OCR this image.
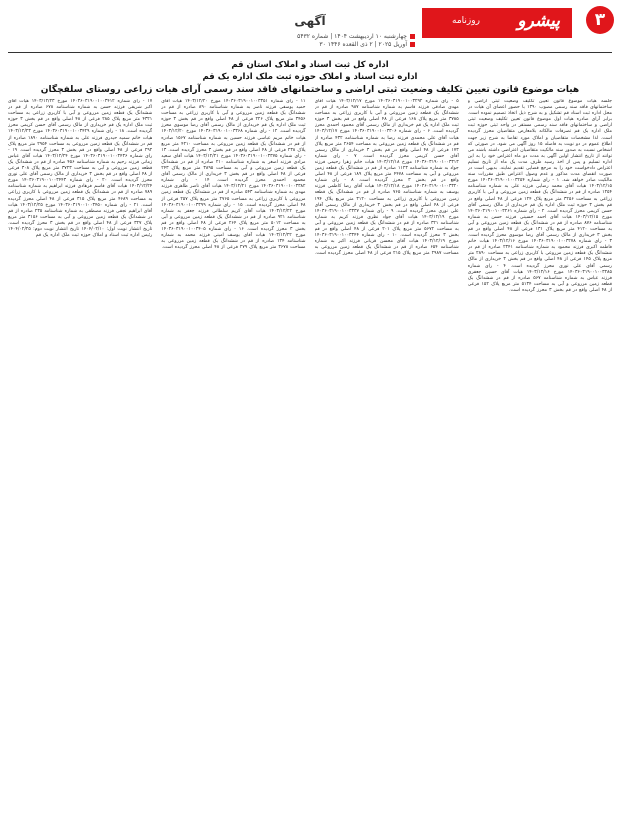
۳
روزنامه پیشرو
آگهی
چهارشنبه ۱۰ اردیبهشت ۱۴۰۴ | شماره ۵۴۳۲
۳۰ آوریل ۲۰۲۵ | ۲ ذی القعده ۱۴۴۶
اداره کل ثبت اسناد و املاک استان قم
اداره ثبت اسناد و املاک حوزه ثبت ملک اداره یک قم
هیات موضوع قانون تعیین تکلیف وضعیت ثبتی اراضی و ساختمانهای فاقد سند رسمی آرای هیات زراعی روستای سلفچگان
جلسه هیات موضوع قانون تعیین تکلیف وضعیت ثبتی اراضی و ساختمانهای فاقد سند رسمی مصوب ۱۳۹۰ با حضور اعضای آن هیات در محل اداره ثبت اسناد قم تشکیل و به شرح ذیل اتخاذ تصمیم نموده است. برابر آرای صادره هیات اول موضوع قانون تعیین تکلیف وضعیت ثبتی اراضی و ساختمانهای فاقد سند رسمی مستقر در واحد ثبتی حوزه ثبت ملک اداره یک قم تصرفات مالکانه بلامعارض متقاضیان محرز گردیده است. لذا مشخصات متقاضیان و املاک مورد تقاضا به شرح زیر جهت اطلاع عموم در دو نوبت به فاصله ۱۵ روز آگهی می شود. در صورتی که اشخاص نسبت به صدور سند مالکیت متقاضیان اعتراضی داشته باشند می توانند از تاریخ انتشار اولین آگهی به مدت دو ماه اعتراض خود را به این اداره تسلیم و پس از اخذ رسید ظرف مدت یک ماه از تاریخ تسلیم اعتراض دادخواست خود را به مرجع قضایی تقدیم نمایند. بدیهی است در صورت انقضای مدت مذکور و عدم وصول اعتراض طبق مقررات سند مالکیت صادر خواهد شد. ۱ - رای شماره ۱۴۰۳۶۰۳۱۹۰۰۱۰۰۳۲۵۴ مورخ ۱۴۰۳/۱۲/۱۵ هیات آقای محمد رضایی فرزند علی به شماره شناسنامه ۱۲۵۴ صادره از قم در ششدانگ یک قطعه زمین مزروعی و آبی با کاربری زراعی به مساحت ۳۲۵۶ متر مربع پلاک ۱۲۴ فرعی از ۴۸ اصلی واقع در قم بخش ۳ حوزه ثبت ملک اداره یک قم خریداری از مالک رسمی آقای حسن کریمی محرز گردیده است. ۲ - رای شماره ۱۴۰۳۶۰۳۱۹۰۰۱۰۰۳۲۶۱ مورخ ۱۴۰۳/۱۲/۱۵ هیات آقای احمد حسینی فرزند حسن به شماره شناسنامه ۸۷۶ صادره از قم در ششدانگ یک قطعه زمین مزروعی و آبی به مساحت ۴۱۲۰ متر مربع پلاک ۱۳۱ فرعی از ۴۸ اصلی واقع در قم بخش ۳ خریداری از مالک رسمی آقای رضا موسوی محرز گردیده است. ۳ - رای شماره ۱۴۰۳۶۰۳۱۹۰۰۱۰۰۳۲۷۸ مورخ ۱۴۰۳/۱۲/۱۶ هیات خانم فاطمه اکبری فرزند محمود به شماره شناسنامه ۲۳۴۱ صادره از قم در ششدانگ یک قطعه زمین مزروعی با کاربری زراعی به مساحت ۲۸۹۰ متر مربع پلاک ۱۴۵ فرعی از ۴۸ اصلی واقع در قم بخش ۳ خریداری از مالک رسمی آقای علی نوری محرز گردیده است. ۴ - رای شماره ۱۴۰۳۶۰۳۱۹۰۰۱۰۰۳۲۸۵ مورخ ۱۴۰۳/۱۲/۱۶ هیات آقای حسین جعفری فرزند عباس به شماره شناسنامه ۵۶۷ صادره از قم در ششدانگ یک قطعه زمین مزروعی و آبی به مساحت ۵۱۳۴ متر مربع پلاک ۱۵۲ فرعی از ۴۸ اصلی واقع در قم بخش ۳ محرز گردیده است.
۵ - رای شماره ۱۴۰۳۶۰۳۱۹۰۰۱۰۰۳۲۹۲ مورخ ۱۴۰۳/۱۲/۱۷ هیات آقای مهدی صادقی فرزند قاسم به شماره شناسنامه ۹۸۷ صادره از قم در ششدانگ یک قطعه زمین مزروعی و آبی با کاربری زراعی به مساحت ۳۷۸۵ متر مربع پلاک ۱۶۸ فرعی از ۴۸ اصلی واقع در قم بخش ۳ حوزه ثبت ملک اداره یک قم خریداری از مالک رسمی آقای محمود احمدی محرز گردیده است. ۶ - رای شماره ۱۴۰۳۶۰۳۱۹۰۰۱۰۰۳۳۰۶ مورخ ۱۴۰۳/۱۲/۱۷ هیات آقای علی محمدی فرزند رضا به شماره شناسنامه ۴۳۲ صادره از قم در ششدانگ یک قطعه زمین مزروعی به مساحت ۲۶۵۴ متر مربع پلاک ۱۷۳ فرعی از ۴۸ اصلی واقع در قم بخش ۳ خریداری از مالک رسمی آقای حسن کریمی محرز گردیده است. ۷ - رای شماره ۱۴۰۳۶۰۳۱۹۰۰۱۰۰۳۳۱۳ مورخ ۱۴۰۳/۱۲/۱۸ هیات خانم زهرا رحیمی فرزند جواد به شماره شناسنامه ۱۱۲۳ صادره از قم در ششدانگ یک قطعه زمین مزروعی و آبی به مساحت ۴۴۷۸ متر مربع پلاک ۱۸۹ فرعی از ۴۸ اصلی واقع در قم بخش ۳ محرز گردیده است. ۸ - رای شماره ۱۴۰۳۶۰۳۱۹۰۰۱۰۰۳۳۲۰ مورخ ۱۴۰۳/۱۲/۱۸ هیات آقای رضا کاظمی فرزند یوسف به شماره شناسنامه ۷۶۵ صادره از قم در ششدانگ یک قطعه زمین مزروعی با کاربری زراعی به مساحت ۳۱۲۰ متر مربع پلاک ۱۹۴ فرعی از ۴۸ اصلی واقع در قم بخش ۳ خریداری از مالک رسمی آقای علی نوری محرز گردیده است. ۹ - رای شماره ۱۴۰۳۶۰۳۱۹۰۰۱۰۰۳۳۳۷ مورخ ۱۴۰۳/۱۲/۱۹ هیات آقای جواد نظری فرزند کریم به شماره شناسنامه ۳۲۱ صادره از قم در ششدانگ یک قطعه زمین مزروعی و آبی به مساحت ۵۶۷۲ متر مربع پلاک ۲۰۱ فرعی از ۴۸ اصلی واقع در قم بخش ۳ محرز گردیده است. ۱۰ - رای شماره ۱۴۰۳۶۰۳۱۹۰۰۱۰۰۳۳۴۴ مورخ ۱۴۰۳/۱۲/۱۹ هیات آقای محسن قربانی فرزند اکبر به شماره شناسنامه ۶۵۴ صادره از قم در ششدانگ یک قطعه زمین مزروعی به مساحت ۲۹۸۷ متر مربع پلاک ۲۱۵ فرعی از ۴۸ اصلی محرز گردیده است.
۱۱ - رای شماره ۱۴۰۳۶۰۳۱۹۰۰۱۰۰۳۳۵۱ مورخ ۱۴۰۳/۱۲/۲۰ هیات آقای حمید یوسفی فرزند ناصر به شماره شناسنامه ۸۹۰ صادره از قم در ششدانگ یک قطعه زمین مزروعی و آبی با کاربری زراعی به مساحت ۳۴۵۶ متر مربع پلاک ۲۲۶ فرعی از ۴۸ اصلی واقع در قم بخش ۳ حوزه ثبت ملک اداره یک قم خریداری از مالک رسمی آقای رضا موسوی محرز گردیده است. ۱۲ - رای شماره ۱۴۰۳۶۰۳۱۹۰۰۱۰۰۳۳۶۸ مورخ ۱۴۰۳/۱۲/۲۰ هیات خانم مریم عباسی فرزند حسین به شماره شناسنامه ۱۵۶۷ صادره از قم در ششدانگ یک قطعه زمین مزروعی به مساحت ۴۲۱۰ متر مربع پلاک ۲۳۸ فرعی از ۴۸ اصلی واقع در قم بخش ۳ محرز گردیده است. ۱۳ - رای شماره ۱۴۰۳۶۰۳۱۹۰۰۱۰۰۳۳۷۵ مورخ ۱۴۰۳/۱۲/۲۱ هیات آقای سعید مرادی فرزند اصغر به شماره شناسنامه ۲۱۰ صادره از قم در ششدانگ یک قطعه زمین مزروعی و آبی به مساحت ۳۸۹۵ متر مربع پلاک ۲۴۳ فرعی از ۴۸ اصلی واقع در قم بخش ۳ خریداری از مالک رسمی آقای محمود احمدی محرز گردیده است. ۱۴ - رای شماره ۱۴۰۳۶۰۳۱۹۰۰۱۰۰۳۳۸۲ مورخ ۱۴۰۳/۱۲/۲۱ هیات آقای ناصر طاهری فرزند مهدی به شماره شناسنامه ۵۴۳ صادره از قم در ششدانگ یک قطعه زمین مزروعی با کاربری زراعی به مساحت ۲۷۶۵ متر مربع پلاک ۲۵۷ فرعی از ۴۸ اصلی محرز گردیده است. ۱۵ - رای شماره ۱۴۰۳۶۰۳۱۹۰۰۱۰۰۳۳۹۹ مورخ ۱۴۰۳/۱۲/۲۲ هیات آقای کریم سلطانی فرزند جعفر به شماره شناسنامه ۹۲۱ صادره از قم در ششدانگ یک قطعه زمین مزروعی و آبی به مساحت ۵۰۱۲ متر مربع پلاک ۲۶۴ فرعی از ۴۸ اصلی واقع در قم بخش ۳ محرز گردیده است. ۱۶ - رای شماره ۱۴۰۳۶۰۳۱۹۰۰۱۰۰۳۴۰۵ مورخ ۱۴۰۳/۱۲/۲۲ هیات آقای یوسف امینی فرزند محمد به شماره شناسنامه ۱۳۴ صادره از قم در ششدانگ یک قطعه زمین مزروعی به مساحت ۳۶۷۸ متر مربع پلاک ۲۷۹ فرعی از ۴۸ اصلی محرز گردیده است.
۱۷ - رای شماره ۱۴۰۳۶۰۳۱۹۰۰۱۰۰۳۴۱۲ مورخ ۱۴۰۳/۱۲/۲۳ هیات آقای اکبر شریفی فرزند حسن به شماره شناسنامه ۶۷۸ صادره از قم در ششدانگ یک قطعه زمین مزروعی و آبی با کاربری زراعی به مساحت ۴۳۲۱ متر مربع پلاک ۲۸۵ فرعی از ۴۸ اصلی واقع در قم بخش ۳ حوزه ثبت ملک اداره یک قم خریداری از مالک رسمی آقای حسن کریمی محرز گردیده است. ۱۸ - رای شماره ۱۴۰۳۶۰۳۱۹۰۰۱۰۰۳۴۲۹ مورخ ۱۴۰۳/۱۲/۲۳ هیات خانم سمیه حیدری فرزند علی به شماره شناسنامه ۱۸۹۰ صادره از قم در ششدانگ یک قطعه زمین مزروعی به مساحت ۲۹۵۴ متر مربع پلاک ۲۹۲ فرعی از ۴۸ اصلی واقع در قم بخش ۳ محرز گردیده است. ۱۹ - رای شماره ۱۴۰۳۶۰۳۱۹۰۰۱۰۰۳۴۳۶ مورخ ۱۴۰۳/۱۲/۲۴ هیات آقای عباس زمانی فرزند رحیم به شماره شناسنامه ۴۵۶ صادره از قم در ششدانگ یک قطعه زمین مزروعی و آبی به مساحت ۳۷۲۳ متر مربع پلاک ۳۰۸ فرعی از ۴۸ اصلی واقع در قم بخش ۳ خریداری از مالک رسمی آقای علی نوری محرز گردیده است. ۲۰ - رای شماره ۱۴۰۳۶۰۳۱۹۰۰۱۰۰۳۴۴۳ مورخ ۱۴۰۳/۱۲/۲۴ هیات آقای قاسم فرهادی فرزند ابراهیم به شماره شناسنامه ۷۸۹ صادره از قم در ششدانگ یک قطعه زمین مزروعی با کاربری زراعی به مساحت ۴۶۸۹ متر مربع پلاک ۳۱۵ فرعی از ۴۸ اصلی محرز گردیده است. ۲۱ - رای شماره ۱۴۰۳۶۰۳۱۹۰۰۱۰۰۳۴۵۰ مورخ ۱۴۰۳/۱۲/۲۵ هیات آقای ابراهیم نجفی فرزند مصطفی به شماره شناسنامه ۲۳۵ صادره از قم در ششدانگ یک قطعه زمین مزروعی و آبی به مساحت ۳۱۵۶ متر مربع پلاک ۳۲۷ فرعی از ۴۸ اصلی واقع در قم بخش ۳ محرز گردیده است. تاریخ انتشار نوبت اول: ۱۴۰۴/۰۲/۱۰ تاریخ انتشار نوبت دوم: ۱۴۰۴/۰۲/۲۵ رئیس اداره ثبت اسناد و املاک حوزه ثبت ملک اداره یک قم
